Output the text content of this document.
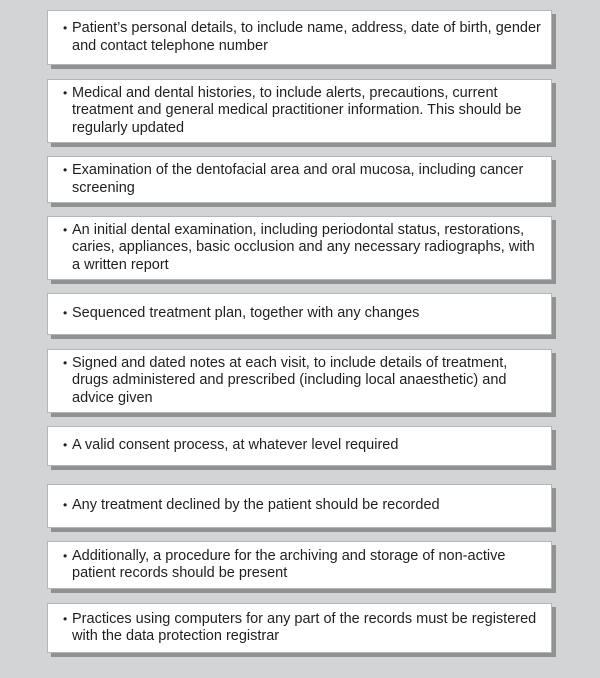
• Patient’s personal details, to include name, address, date of birth, gender and contact telephone number
• Medical and dental histories, to include alerts, precautions, current treatment and general medical practitioner information. This should be regularly updated
• Examination of the dentofacial area and oral mucosa, including cancer screening
• An initial dental examination, including periodontal status, restorations, caries, appliances, basic occlusion and any necessary radiographs, with a written report
• Sequenced treatment plan, together with any changes
• Signed and dated notes at each visit, to include details of treatment, drugs administered and prescribed (including local anaesthetic) and advice given
• A valid consent process, at whatever level required
• Any treatment declined by the patient should be recorded
• Additionally, a procedure for the archiving and storage of non-active patient records should be present
• Practices using computers for any part of the records must be registered with the data protection registrar
